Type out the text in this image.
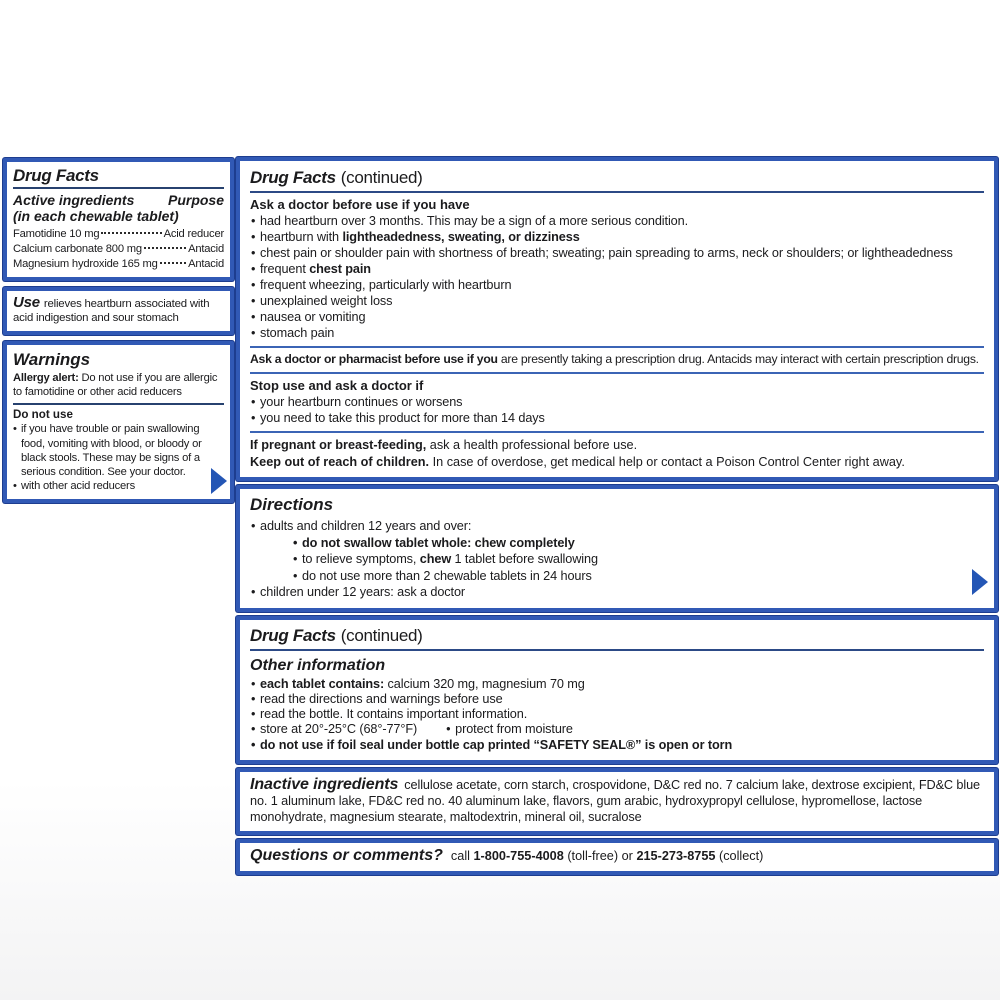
Drug Facts
Active ingredients Purpose
(in each chewable tablet)
Famotidine 10 mg	Acid reducer
Calcium carbonate 800 mg	Antacid
Magnesium hydroxide 165 mg	Antacid
Use relieves heartburn associated with acid indigestion and sour stomach
Warnings

Allergy alert: Do not use if you are allergic to famotidine or other acid reducers

Do not use

• if you have trouble or pain swallowing food, vomiting with blood, or bloody or black stools. These may be signs of a serious condition. See your doctor.

• with other acid reducers

Drug Facts (continued)
Ask a doctor before use if you have

• had heartburn over 3 months. This may be a sign of a more serious condition.

• heartburn with lightheadedness, sweating, or dizziness

• chest pain or shoulder pain with shortness of breath; sweating; pain spreading to arms, neck or shoulders; or lightheadedness

• frequent chest pain

• frequent wheezing, particularly with heartburn

• unexplained weight loss

• nausea or vomiting

• stomach pain

Ask a doctor or pharmacist before use if you are presently taking a prescription drug. Antacids may interact with certain prescription drugs.

Stop use and ask a doctor if

• your heartburn continues or worsens

• you need to take this product for more than 14 days

If pregnant or breast-feeding, ask a health professional before use.

Keep out of reach of children. In case of overdose, get medical help or contact a Poison Control Center right away.

Directions

• adults and children 12 years and over:

• do not swallow tablet whole: chew completely

• to relieve symptoms, chew 1 tablet before swallowing

• do not use more than 2 chewable tablets in 24 hours

• children under 12 years: ask a doctor

Drug Facts (continued)
Other information

• each tablet contains: calcium 320 mg, magnesium 70 mg

• read the directions and warnings before use

• read the bottle. It contains important information.

• store at 20°-25°C (68°-77°F)	• protect from moisture

• do not use if foil seal under bottle cap printed “SAFETY SEAL®” is open or torn

Inactive ingredients cellulose acetate, corn starch, crospovidone, D&C red no. 7 calcium lake, dextrose excipient, FD&C blue no. 1 aluminum lake, FD&C red no. 40 aluminum lake, flavors, gum arabic, hydroxypropyl cellulose, hypromellose, lactose monohydrate, magnesium stearate, maltodextrin, mineral oil, sucralose

Questions or comments? call 1-800-755-4008 (toll-free) or 215-273-8755 (collect)
